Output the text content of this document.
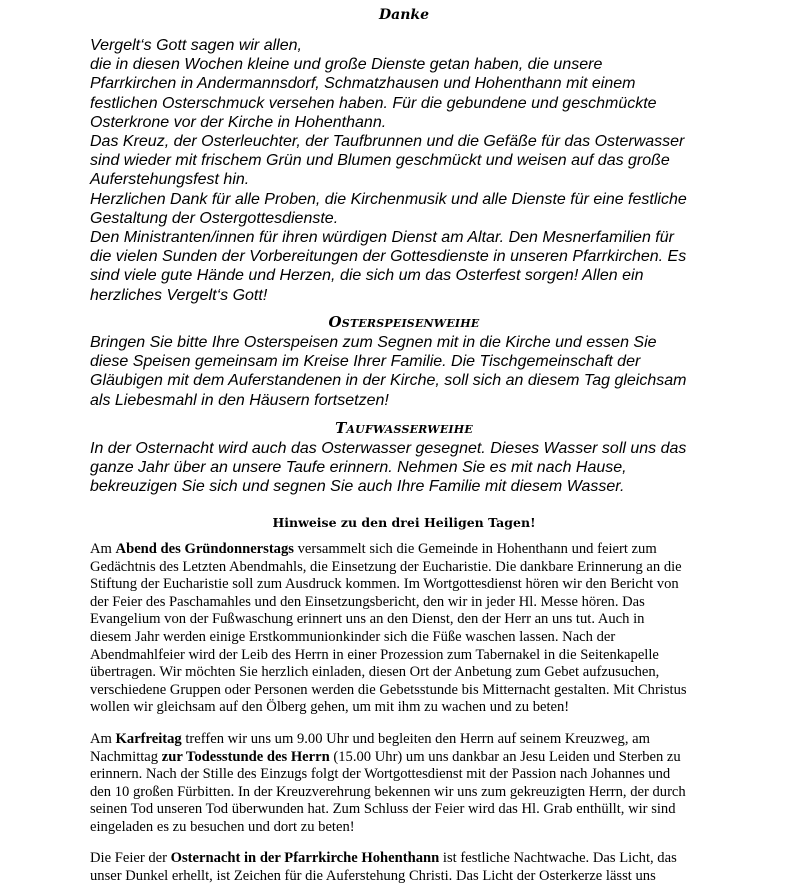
Danke

Vergelt‘s Gott sagen wir allen,
die in diesen Wochen kleine und große Dienste getan haben, die unsere
Pfarrkirchen in Andermannsdorf, Schmatzhausen und Hohenthann mit einem
festlichen Osterschmuck versehen haben. Für die gebundene und geschmückte
Osterkrone vor der Kirche in Hohenthann.
Das Kreuz, der Osterleuchter, der Taufbrunnen und die Gefäße für das Osterwasser
sind wieder mit frischem Grün und Blumen geschmückt und weisen auf das große
Auferstehungsfest hin.
Herzlichen Dank für alle Proben, die Kirchenmusik und alle Dienste für eine festliche
Gestaltung der Ostergottesdienste.
Den Ministranten/innen für ihren würdigen Dienst am Altar. Den Mesnerfamilien für
die vielen Sunden der Vorbereitungen der Gottesdienste in unseren Pfarrkirchen. Es
sind viele gute Hände und Herzen, die sich um das Osterfest sorgen! Allen ein
herzliches Vergelt‘s Gott!

Osterspeisenweihe

Bringen Sie bitte Ihre Osterspeisen zum Segnen mit in die Kirche und essen Sie
diese Speisen gemeinsam im Kreise Ihrer Familie. Die Tischgemeinschaft der
Gläubigen mit dem Auferstandenen in der Kirche, soll sich an diesem Tag gleichsam
als Liebesmahl in den Häusern fortsetzen!

Taufwasserweihe

In der Osternacht wird auch das Osterwasser gesegnet. Dieses Wasser soll uns das
ganze Jahr über an unsere Taufe erinnern. Nehmen Sie es mit nach Hause,
bekreuzigen Sie sich und segnen Sie auch Ihre Familie mit diesem Wasser.

Hinweise zu den drei Heiligen Tagen!

Am Abend des Gründonnerstags versammelt sich die Gemeinde in Hohenthann und feiert zum
Gedächtnis des Letzten Abendmahls, die Einsetzung der Eucharistie. Die dankbare Erinnerung an die
Stiftung der Eucharistie soll zum Ausdruck kommen. Im Wortgottesdienst hören wir den Bericht von
der Feier des Paschamahles und den Einsetzungsbericht, den wir in jeder Hl. Messe hören. Das
Evangelium von der Fußwaschung erinnert uns an den Dienst, den der Herr an uns tut. Auch in
diesem Jahr werden einige Erstkommunionkinder sich die Füße waschen lassen. Nach der
Abendmahlfeier wird der Leib des Herrn in einer Prozession zum Tabernakel in die Seitenkapelle
übertragen. Wir möchten Sie herzlich einladen, diesen Ort der Anbetung zum Gebet aufzusuchen,
verschiedene Gruppen oder Personen werden die Gebetsstunde bis Mitternacht gestalten. Mit Christus
wollen wir gleichsam auf den Ölberg gehen, um mit ihm zu wachen und zu beten!

Am Karfreitag treffen wir uns um 9.00 Uhr und begleiten den Herrn auf seinem Kreuzweg, am
Nachmittag zur Todesstunde des Herrn (15.00 Uhr) um uns dankbar an Jesu Leiden und Sterben zu
erinnern. Nach der Stille des Einzugs folgt der Wortgottesdienst mit der Passion nach Johannes und
den 10 großen Fürbitten. In der Kreuzverehrung bekennen wir uns zum gekreuzigten Herrn, der durch
seinen Tod unseren Tod überwunden hat. Zum Schluss der Feier wird das Hl. Grab enthüllt, wir sind
eingeladen es zu besuchen und dort zu beten!

Die Feier der Osternacht in der Pfarrkirche Hohenthann ist festliche Nachtwache. Das Licht, das
unser Dunkel erhellt, ist Zeichen für die Auferstehung Christi. Das Licht der Osterkerze lässt uns
